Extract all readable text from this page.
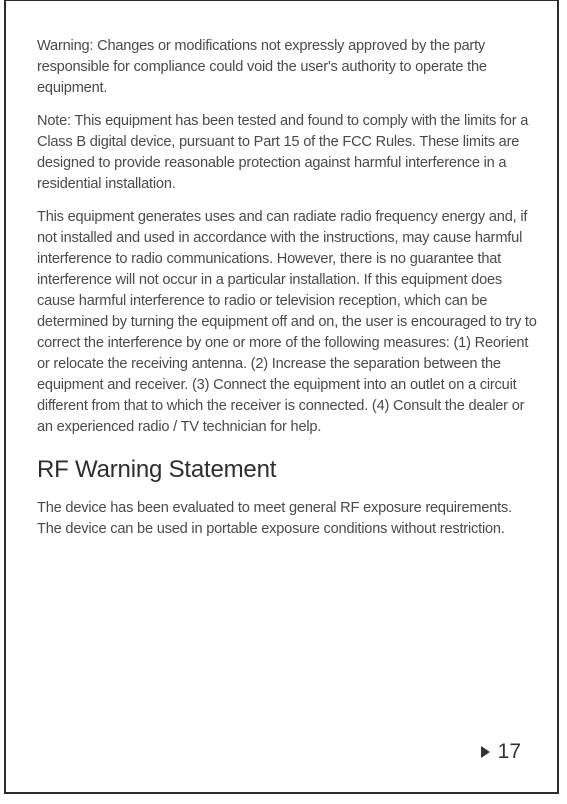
Warning: Changes or modifications not expressly approved by the party responsible for compliance could void the user's authority to operate the equipment.

Note: This equipment has been tested and found to comply with the limits for a Class B digital device, pursuant to Part 15 of the FCC Rules. These limits are designed to provide reasonable protection against harmful interference in a residential installation.

This equipment generates uses and can radiate radio frequency energy and, if not installed and used in accordance with the instructions, may cause harmful interference to radio communications. However, there is no guarantee that interference will not occur in a particular installation. If this equipment does cause harmful interference to radio or television reception, which can be determined by turning the equipment off and on, the user is encouraged to try to correct the interference by one or more of the following measures: (1) Reorient or relocate the receiving antenna. (2) Increase the separation between the equipment and receiver. (3) Connect the equipment into an outlet on a circuit different from that to which the receiver is connected. (4) Consult the dealer or an experienced radio / TV technician for help.

RF Warning Statement

The device has been evaluated to meet general RF exposure requirements. The device can be used in portable exposure conditions without restriction.

17
